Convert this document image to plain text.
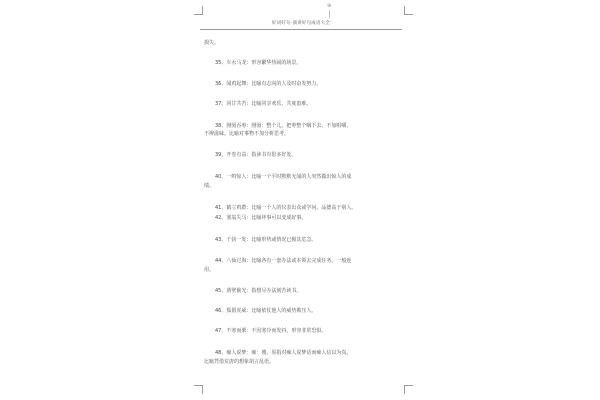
⊕
好词好句-演讲好句成语大全
损失。
35、车水马龙：形容繁华热闹的场景。
36、闻鸡起舞：比喻有志向的人及时奋发努力。
37、同甘共苦：比喻同享欢乐，共度患难。
38、囫囵吞枣：囫囵：整个儿。把枣整个咽下去，不加咀嚼，
不辨滋味。比喻对事物不加分析思考。
39、开卷有益：指读书有很多好处。
40、一鸣惊人：比喻一个平时默默无闻的人突然做出惊人的成
绩。
41、鹤立鸡群：比喻一个人的仪表出众或学问、品德高于别人。
42、塞翁失马：比喻坏事可以变成好事。
43、千钧一发：比喻形势或情况已极其危急。
44、八仙过海：比喻各有一套办法或本领去完成任务。一般连
用。
45、凿壁偷光：指想尽办法刻苦读书。
46、狐假虎威：比喻依仗他人的威势欺压人。
47、不寒而栗：不因寒冷而发抖，形容非常恐惧。
48、痴人说梦：痴：傻。原指对痴人说梦话而痴人信以为真。
比喻凭借荒唐的想象胡言乱语。
